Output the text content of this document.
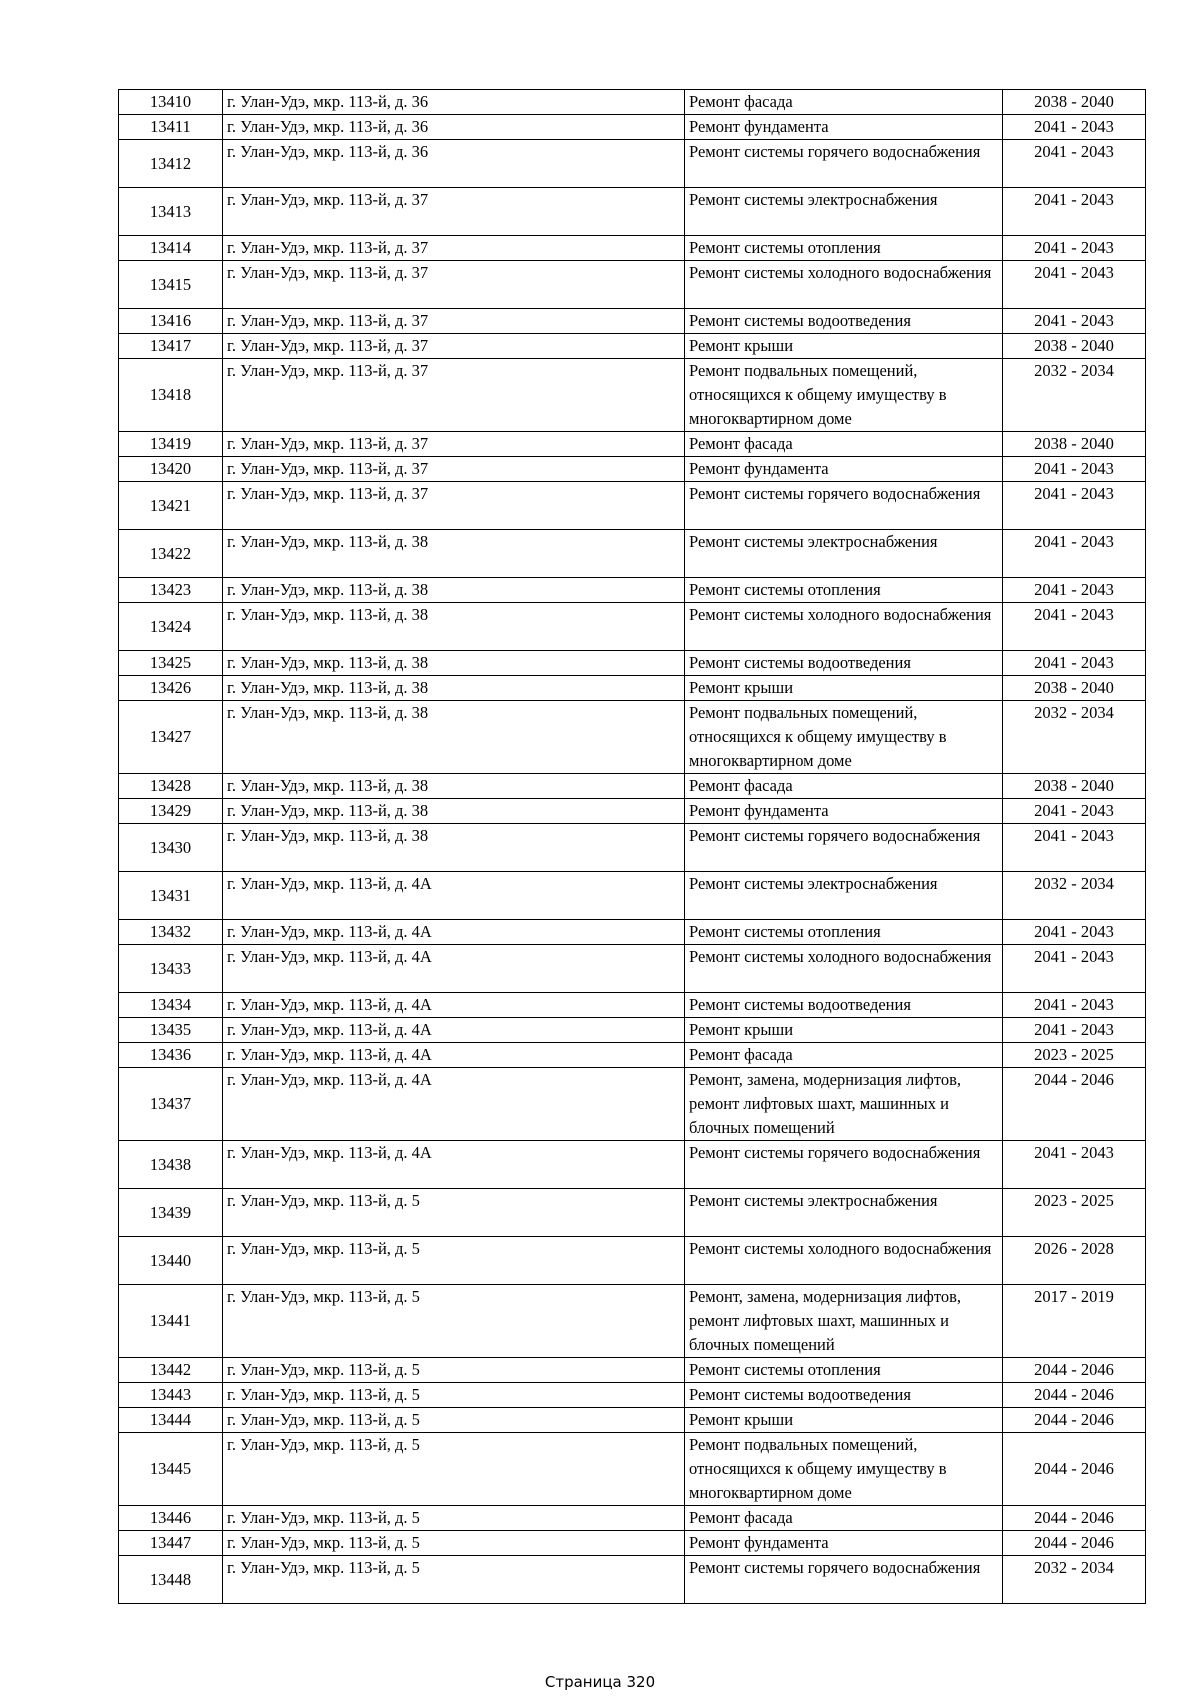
13410	г. Улан-Удэ, мкр. 113-й, д. 36	Ремонт фасада	2038 - 2040
13411	г. Улан-Удэ, мкр. 113-й, д. 36	Ремонт фундамента	2041 - 2043
13412	г. Улан-Удэ, мкр. 113-й, д. 36	Ремонт системы горячего водоснабжения	2041 - 2043
13413	г. Улан-Удэ, мкр. 113-й, д. 37	Ремонт системы электроснабжения	2041 - 2043
13414	г. Улан-Удэ, мкр. 113-й, д. 37	Ремонт системы отопления	2041 - 2043
13415	г. Улан-Удэ, мкр. 113-й, д. 37	Ремонт системы холодного водоснабжения	2041 - 2043
13416	г. Улан-Удэ, мкр. 113-й, д. 37	Ремонт системы водоотведения	2041 - 2043
13417	г. Улан-Удэ, мкр. 113-й, д. 37	Ремонт крыши	2038 - 2040
13418	г. Улан-Удэ, мкр. 113-й, д. 37	Ремонт подвальных помещений, относящихся к общему имуществу в многоквартирном доме	2032 - 2034
13419	г. Улан-Удэ, мкр. 113-й, д. 37	Ремонт фасада	2038 - 2040
13420	г. Улан-Удэ, мкр. 113-й, д. 37	Ремонт фундамента	2041 - 2043
13421	г. Улан-Удэ, мкр. 113-й, д. 37	Ремонт системы горячего водоснабжения	2041 - 2043
13422	г. Улан-Удэ, мкр. 113-й, д. 38	Ремонт системы электроснабжения	2041 - 2043
13423	г. Улан-Удэ, мкр. 113-й, д. 38	Ремонт системы отопления	2041 - 2043
13424	г. Улан-Удэ, мкр. 113-й, д. 38	Ремонт системы холодного водоснабжения	2041 - 2043
13425	г. Улан-Удэ, мкр. 113-й, д. 38	Ремонт системы водоотведения	2041 - 2043
13426	г. Улан-Удэ, мкр. 113-й, д. 38	Ремонт крыши	2038 - 2040
13427	г. Улан-Удэ, мкр. 113-й, д. 38	Ремонт подвальных помещений, относящихся к общему имуществу в многоквартирном доме	2032 - 2034
13428	г. Улан-Удэ, мкр. 113-й, д. 38	Ремонт фасада	2038 - 2040
13429	г. Улан-Удэ, мкр. 113-й, д. 38	Ремонт фундамента	2041 - 2043
13430	г. Улан-Удэ, мкр. 113-й, д. 38	Ремонт системы горячего водоснабжения	2041 - 2043
13431	г. Улан-Удэ, мкр. 113-й, д. 4А	Ремонт системы электроснабжения	2032 - 2034
13432	г. Улан-Удэ, мкр. 113-й, д. 4А	Ремонт системы отопления	2041 - 2043
13433	г. Улан-Удэ, мкр. 113-й, д. 4А	Ремонт системы холодного водоснабжения	2041 - 2043
13434	г. Улан-Удэ, мкр. 113-й, д. 4А	Ремонт системы водоотведения	2041 - 2043
13435	г. Улан-Удэ, мкр. 113-й, д. 4А	Ремонт крыши	2041 - 2043
13436	г. Улан-Удэ, мкр. 113-й, д. 4А	Ремонт фасада	2023 - 2025
13437	г. Улан-Удэ, мкр. 113-й, д. 4А	Ремонт, замена, модернизация лифтов, ремонт лифтовых шахт, машинных и блочных помещений	2044 - 2046
13438	г. Улан-Удэ, мкр. 113-й, д. 4А	Ремонт системы горячего водоснабжения	2041 - 2043
13439	г. Улан-Удэ, мкр. 113-й, д. 5	Ремонт системы электроснабжения	2023 - 2025
13440	г. Улан-Удэ, мкр. 113-й, д. 5	Ремонт системы холодного водоснабжения	2026 - 2028
13441	г. Улан-Удэ, мкр. 113-й, д. 5	Ремонт, замена, модернизация лифтов, ремонт лифтовых шахт, машинных и блочных помещений	2017 - 2019
13442	г. Улан-Удэ, мкр. 113-й, д. 5	Ремонт системы отопления	2044 - 2046
13443	г. Улан-Удэ, мкр. 113-й, д. 5	Ремонт системы водоотведения	2044 - 2046
13444	г. Улан-Удэ, мкр. 113-й, д. 5	Ремонт крыши	2044 - 2046
13445	г. Улан-Удэ, мкр. 113-й, д. 5	Ремонт подвальных помещений, относящихся к общему имуществу в многоквартирном доме	2044 - 2046
13446	г. Улан-Удэ, мкр. 113-й, д. 5	Ремонт фасада	2044 - 2046
13447	г. Улан-Удэ, мкр. 113-й, д. 5	Ремонт фундамента	2044 - 2046
13448	г. Улан-Удэ, мкр. 113-й, д. 5	Ремонт системы горячего водоснабжения	2032 - 2034
Страница 320
